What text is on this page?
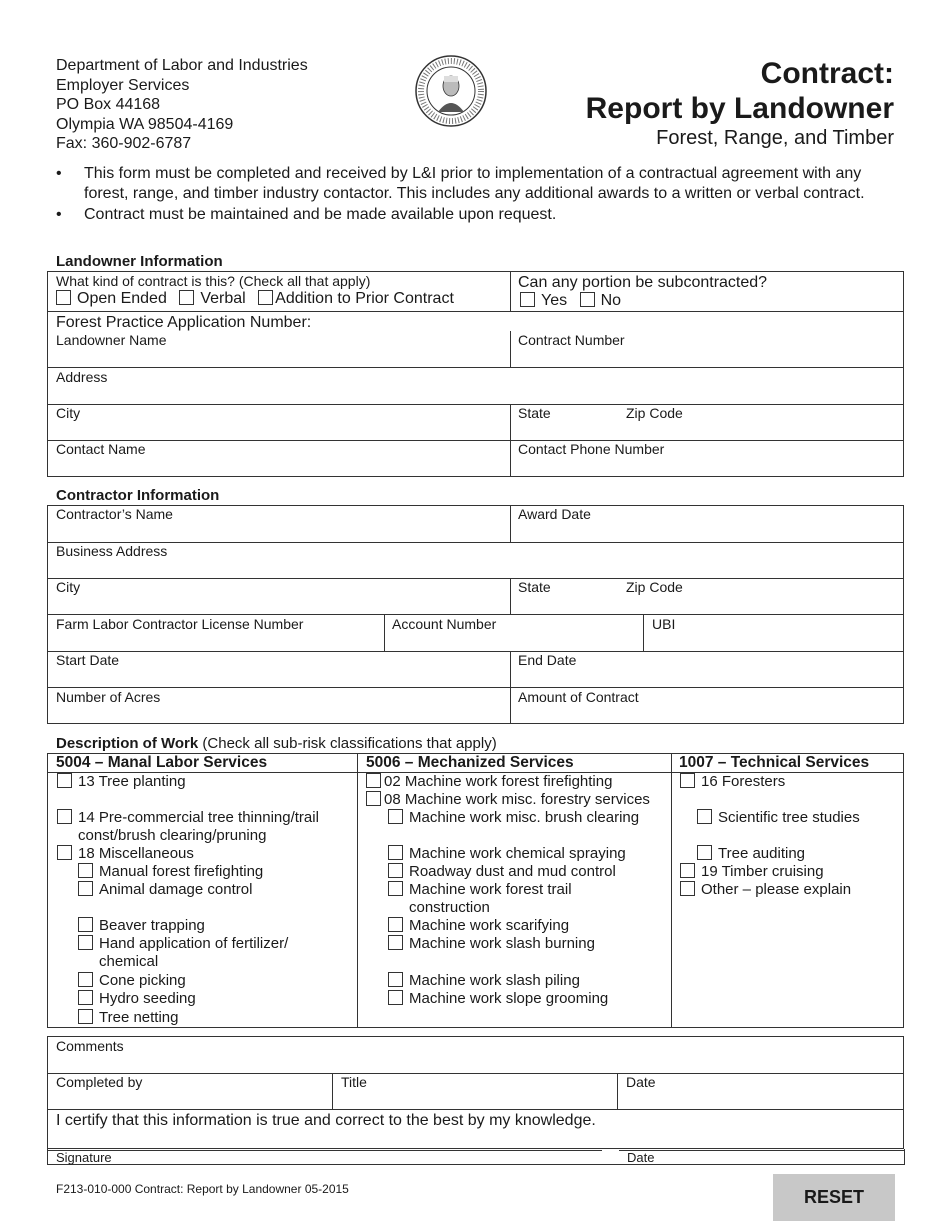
Department of Labor and Industries
Employer Services
PO Box 44168
Olympia WA 98504-4169
Fax: 360-902-6787
Contract:
Report by Landowner
Forest, Range, and Timber
• This form must be completed and received by L&I prior to implementation of a contractual agreement with any forest, range, and timber industry contactor. This includes any additional awards to a written or verbal contract.
• Contract must be maintained and be made available upon request.
Landowner Information
What kind of contract is this? (Check all that apply)
Open Ended Verbal Addition to Prior Contract
Can any portion be subcontracted?
Yes No
Forest Practice Application Number:
Landowner Name	Contract Number
Address
City	State	Zip Code
Contact Name	Contact Phone Number
Contractor Information
Contractor’s Name	Award Date
Business Address
City	State	Zip Code
Farm Labor Contractor License Number	Account Number	UBI
Start Date	End Date
Number of Acres	Amount of Contract
Description of Work (Check all sub-risk classifications that apply)
5004 – Manal Labor Services	5006 – Mechanized Services	1007 – Technical Services
13 Tree planting
14 Pre-commercial tree thinning/trail
const/brush clearing/pruning
18 Miscellaneous
Manual forest firefighting
Animal damage control
Beaver trapping
Hand application of fertilizer/
chemical
Cone picking
Hydro seeding
Tree netting
02 Machine work forest firefighting
08 Machine work misc. forestry services
Machine work misc. brush clearing
Machine work chemical spraying
Roadway dust and mud control
Machine work forest trail
construction
Machine work scarifying
Machine work slash burning
Machine work slash piling
Machine work slope grooming
16 Foresters
Scientific tree studies
Tree auditing
19 Timber cruising
Other – please explain
Comments
Completed by	Title	Date
I certify that this information is true and correct to the best by my knowledge.
Signature	Date
F213-010-000 Contract: Report by Landowner 05-2015	RESET
